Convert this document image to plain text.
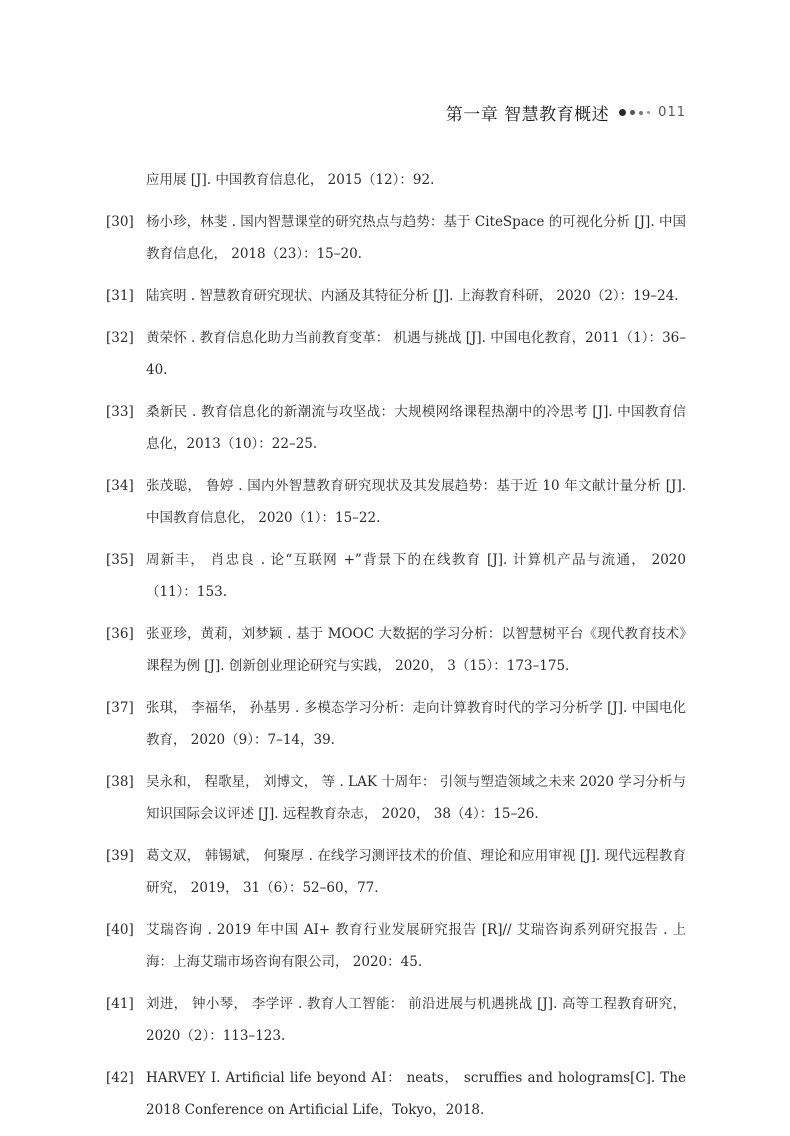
第一章 智慧教育概述	011
应用展 [J]. 中国教育信息化， 2015（12）：92.
[30] 杨小珍，林斐 . 国内智慧课堂的研究热点与趋势：基于 CiteSpace 的可视化分析 [J]. 中国教育信息化， 2018（23）：15–20.
[31] 陆宾明 . 智慧教育研究现状、内涵及其特征分析 [J]. 上海教育科研， 2020（2）：19–24.
[32] 黄荣怀 . 教育信息化助力当前教育变革： 机遇与挑战 [J]. 中国电化教育，2011（1）：36–40.
[33] 桑新民 . 教育信息化的新潮流与攻坚战：大规模网络课程热潮中的冷思考 [J]. 中国教育信息化，2013（10）：22–25.
[34] 张茂聪， 鲁婷 . 国内外智慧教育研究现状及其发展趋势：基于近 10 年文献计量分析 [J]. 中国教育信息化， 2020（1）：15–22.
[35] 周新丰， 肖忠良 . 论“互联网 +”背景下的在线教育 [J]. 计算机产品与流通， 2020（11）：153.
[36] 张亚珍，黄莉，刘梦颖 . 基于 MOOC 大数据的学习分析：以智慧树平台《现代教育技术》课程为例 [J]. 创新创业理论研究与实践， 2020， 3（15）：173–175.
[37] 张琪， 李福华， 孙基男 . 多模态学习分析：走向计算教育时代的学习分析学 [J]. 中国电化教育， 2020（9）：7–14，39.
[38] 吴永和， 程歌星， 刘博文， 等 . LAK 十周年： 引领与塑造领域之未来 2020 学习分析与知识国际会议评述 [J]. 远程教育杂志， 2020， 38（4）：15–26.
[39] 葛文双， 韩锡斌， 何聚厚 . 在线学习测评技术的价值、理论和应用审视 [J]. 现代远程教育研究， 2019， 31（6）：52–60，77.
[40] 艾瑞咨询 . 2019 年中国 AI+ 教育行业发展研究报告 [R]// 艾瑞咨询系列研究报告 . 上海：上海艾瑞市场咨询有限公司， 2020：45.
[41] 刘进， 钟小琴， 李学评 . 教育人工智能： 前沿进展与机遇挑战 [J]. 高等工程教育研究， 2020（2）：113–123.
[42] HARVEY I. Artificial life beyond AI： neats， scruffies and holograms[C]. The 2018 Conference on Artificial Life，Tokyo，2018.
